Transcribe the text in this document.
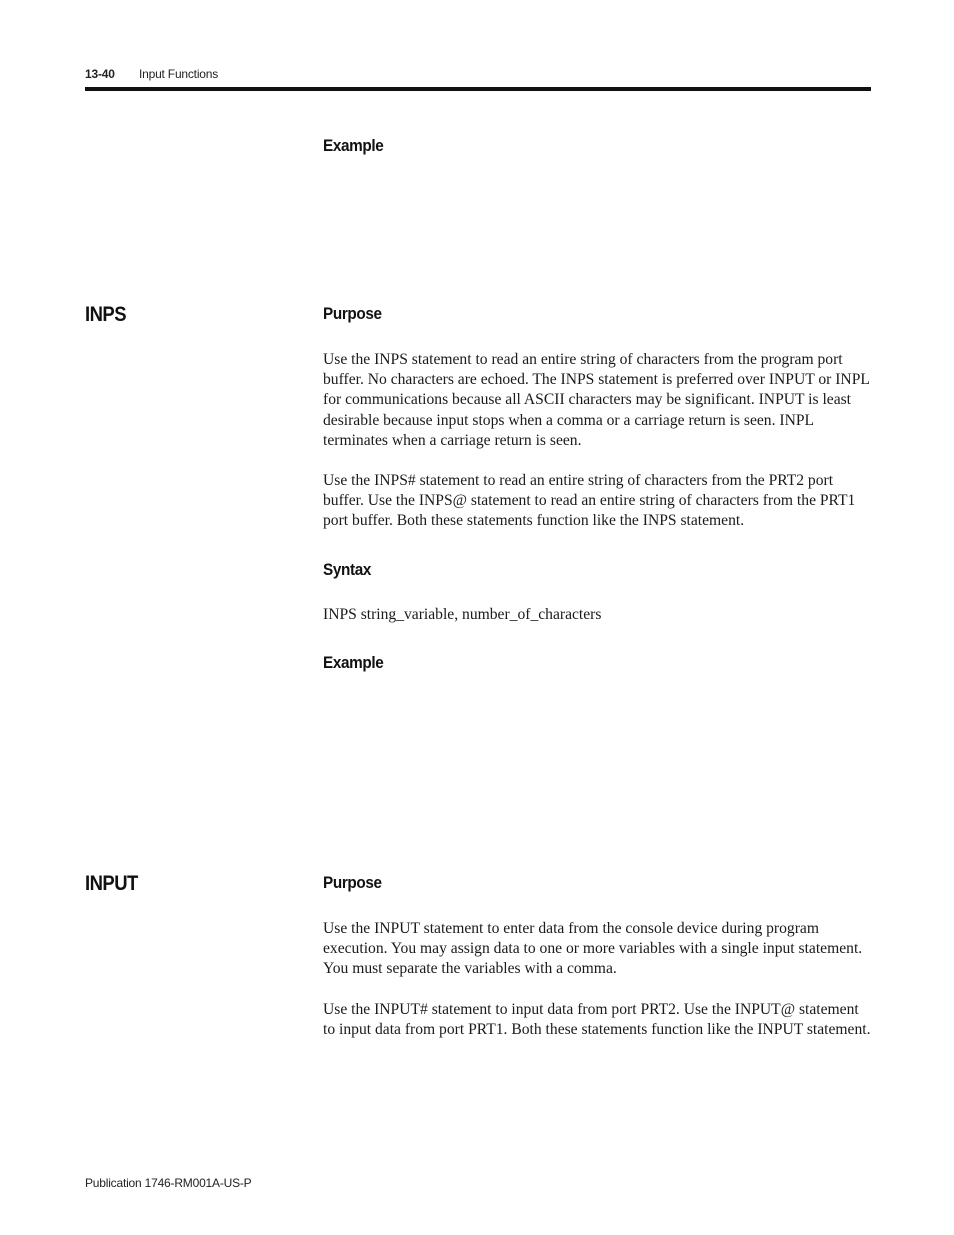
13-40 Input Functions
Example
INPS	Purpose
Use the INPS statement to read an entire string of characters from the program port buffer. No characters are echoed. The INPS statement is preferred over INPUT or INPL for communications because all ASCII characters may be significant. INPUT is least desirable because input stops when a comma or a carriage return is seen. INPL terminates when a carriage return is seen.
Use the INPS# statement to read an entire string of characters from the PRT2 port buffer. Use the INPS@ statement to read an entire string of characters from the PRT1 port buffer. Both these statements function like the INPS statement.
Syntax
INPS string_variable, number_of_characters
Example
INPUT	Purpose
Use the INPUT statement to enter data from the console device during program execution. You may assign data to one or more variables with a single input statement. You must separate the variables with a comma.
Use the INPUT# statement to input data from port PRT2. Use the INPUT@ statement to input data from port PRT1. Both these statements function like the INPUT statement.
Publication 1746-RM001A-US-P
